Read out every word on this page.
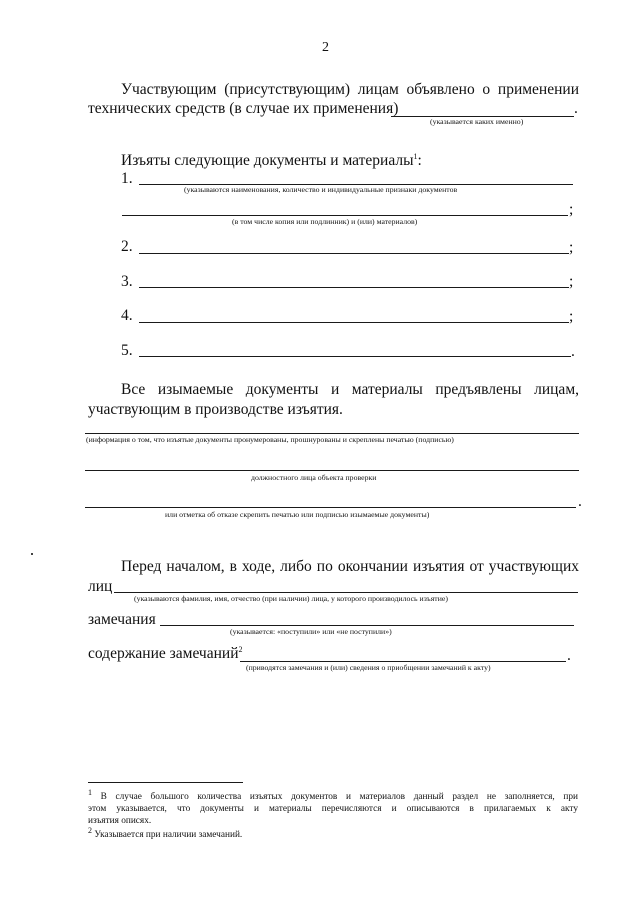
2
Участвующим (присутствующим) лицам объявлено о применении
технических средств (в случае их применения)	.
(указывается каких именно)
Изъяты следующие документы и материалы$^1$:
1.
(указываются наименования, количество и индивидуальные признаки документов
;
(в том числе копия или подлинник) и (или) материалов)
2.	;
3.	;
4.	;
5.	.
Все изымаемые документы и материалы предъявлены лицам,
участвующим в производстве изъятия.
(информация о том, что изъятые документы пронумерованы, прошнурованы и скреплены печатью (подписью)
должностного лица объекта проверки
.
или отметка об отказе скрепить печатью или подписью изымаемые документы)
Перед началом, в ходе, либо по окончании изъятия от участвующих
лиц
(указываются фамилия, имя, отчество (при наличии) лица, у которого производилось изъятие)
замечания
(указывается: «поступили» или «не поступили»)
содержание замечаний$^2$	.
(приводятся замечания и (или) сведения о приобщении замечаний к акту)
$^1$ В случае большого количества изъятых документов и материалов данный раздел не заполняется, при
этом указывается, что документы и материалы перечисляются и описываются в прилагаемых к акту
изъятия описях.
$^2$ Указывается при наличии замечаний.
